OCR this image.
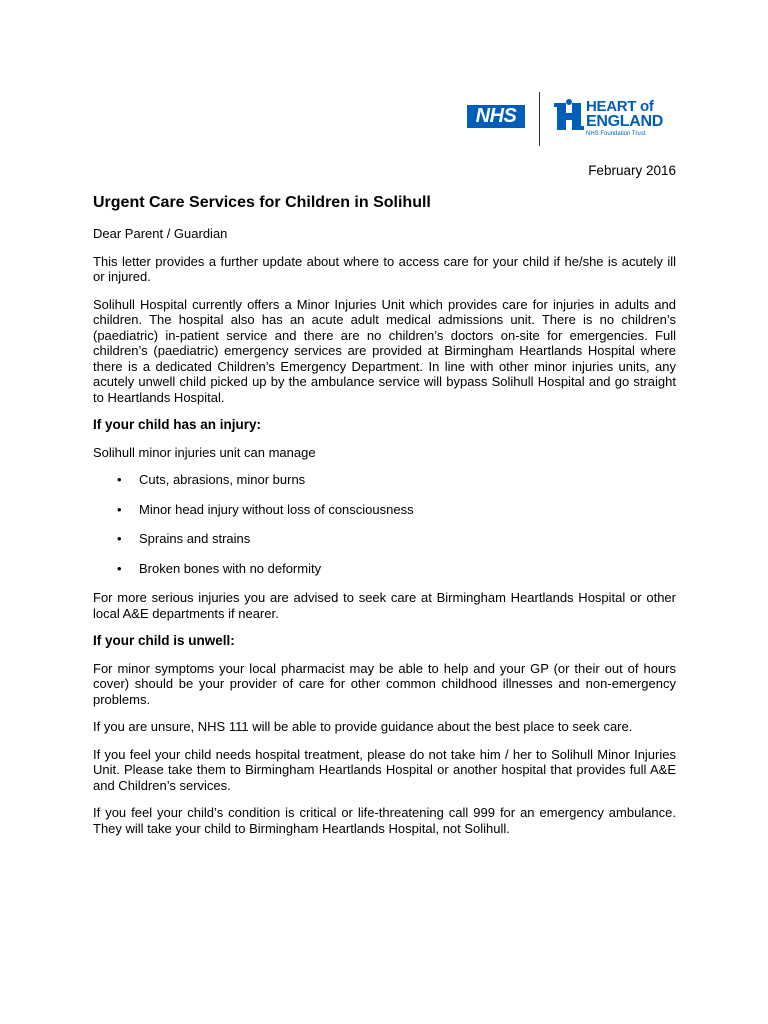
NHS	HEART of
ENGLAND
NHS Foundation Trust
February 2016
Urgent Care Services for Children in Solihull

Dear Parent / Guardian

This letter provides a further update about where to access care for your child if he/she is acutely ill or injured.

Solihull Hospital currently offers a Minor Injuries Unit which provides care for injuries in adults and children. The hospital also has an acute adult medical admissions unit. There is no children’s (paediatric) in-patient service and there are no children’s doctors on-site for emergencies. Full children’s (paediatric) emergency services are provided at Birmingham Heartlands Hospital where there is a dedicated Children’s Emergency Department. In line with other minor injuries units, any acutely unwell child picked up by the ambulance service will bypass Solihull Hospital and go straight to Heartlands Hospital.

If your child has an injury:

Solihull minor injuries unit can manage

• Cuts, abrasions, minor burns
• Minor head injury without loss of consciousness
• Sprains and strains
• Broken bones with no deformity

For more serious injuries you are advised to seek care at Birmingham Heartlands Hospital or other local A&E departments if nearer.

If your child is unwell:

For minor symptoms your local pharmacist may be able to help and your GP (or their out of hours cover) should be your provider of care for other common childhood illnesses and non-emergency problems.

If you are unsure, NHS 111 will be able to provide guidance about the best place to seek care.

If you feel your child needs hospital treatment, please do not take him / her to Solihull Minor Injuries Unit. Please take them to Birmingham Heartlands Hospital or another hospital that provides full A&E and Children’s services.

If you feel your child’s condition is critical or life-threatening call 999 for an emergency ambulance. They will take your child to Birmingham Heartlands Hospital, not Solihull.
